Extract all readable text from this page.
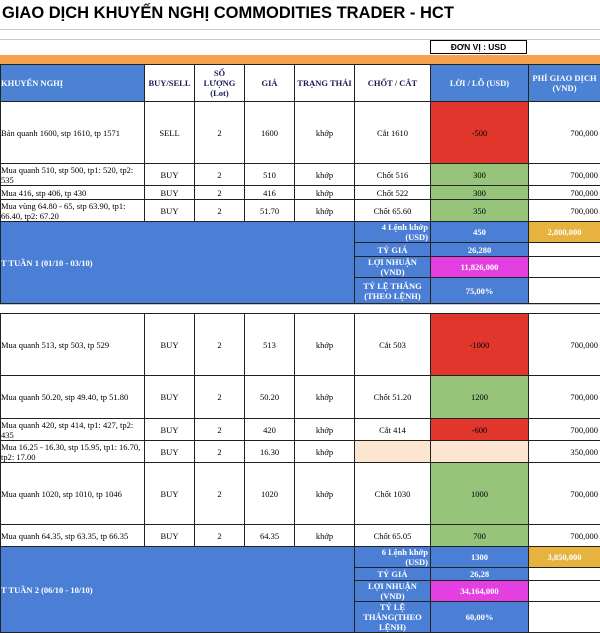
GIAO DỊCH KHUYẾN NGHỊ COMMODITIES TRADER - HCT
ĐƠN VỊ : USD
KHUYẾN NGHỊ	BUY/SELL	SỐ LƯỢNG (Lot)	GIÁ	TRẠNG THÁI	CHỐT / CẮT	LỜI / LỖ (USD)	PHÍ GIAO DỊCH (VND)
Bán quanh 1600, stp 1610, tp 1571	SELL	2	1600	khớp	Cắt 1610	-500	700,000
Mua quanh 510, stp 500, tp1: 520, tp2: 535	BUY	2	510	khớp	Chốt 516	300	700,000
Mua 416, stp 406, tp 430	BUY	2	416	khớp	Chốt 522	300	700,000
Mua vùng 64.80 - 65, stp 63.90, tp1: 66.40, tp2: 67.20	BUY	2	51.70	khớp	Chốt 65.60	350	700,000
T TUẦN 1 (01/10 - 03/10)					4 Lệnh khớp (USD)	450	2,800,000
					TỶ GIÁ	26,280	
					LỢI NHUẬN (VND)	11,826,000	
					TỶ LỆ THẮNG (THEO LỆNH)	75,00%	
Mua quanh 513, stp 503, tp 529	BUY	2	513	khớp	Cắt 503	-1000	700,000
Mua quanh 50.20, stp 49.40, tp 51.80	BUY	2	50.20	khớp	Chốt 51.20	1200	700,000
Mua quanh 420, stp 414, tp1: 427, tp2: 435	BUY	2	420	khớp	Cắt 414	-600	700,000
Mua 16.25 - 16.30, stp 15.95, tp1: 16.70, tp2: 17.00	BUY	2	16.30	khớp			350,000
Mua quanh 1020, stp 1010, tp 1046	BUY	2	1020	khớp	Chốt 1030	1000	700,000
Mua quanh 64.35, stp 63.35, tp 66.35	BUY	2	64.35	khớp	Chốt 65.05	700	700,000
T TUẦN 2 (06/10 - 10/10)					6 Lệnh khớp (USD)	1300	3,850,000
					TỶ GIÁ	26,28	
					LỢI NHUẬN (VND)	34,164,000	
					TỶ LỆ THẮNG(THEO LỆNH)	60,00%	
